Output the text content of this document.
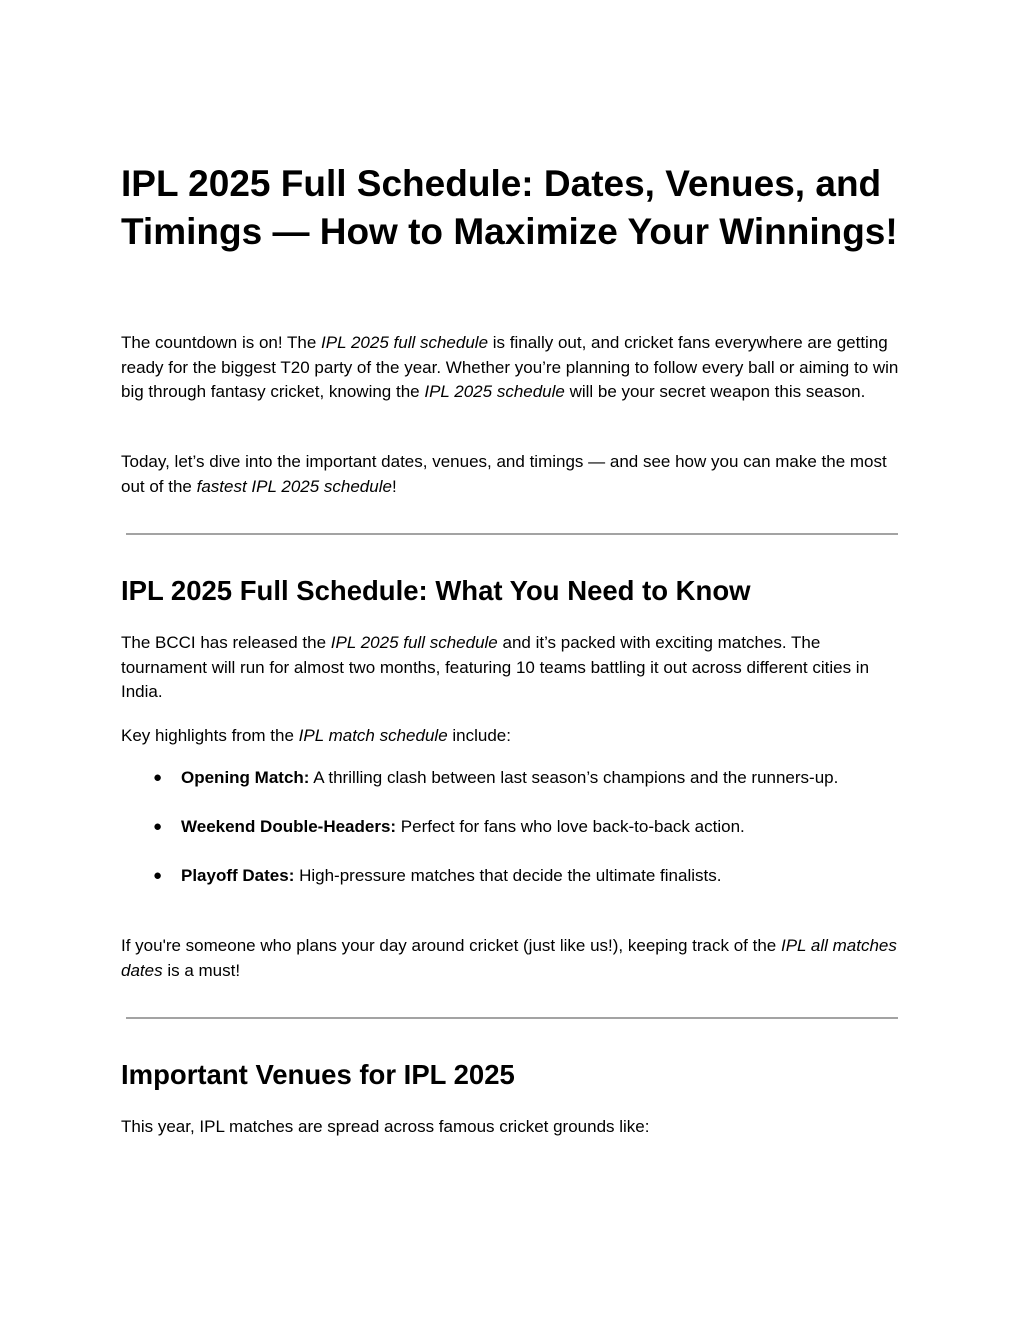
IPL 2025 Full Schedule: Dates, Venues, and Timings — How to Maximize Your Winnings!

The countdown is on! The IPL 2025 full schedule is finally out, and cricket fans everywhere are getting ready for the biggest T20 party of the year. Whether you’re planning to follow every ball or aiming to win big through fantasy cricket, knowing the IPL 2025 schedule will be your secret weapon this season.

Today, let’s dive into the important dates, venues, and timings — and see how you can make the most out of the fastest IPL 2025 schedule!

IPL 2025 Full Schedule: What You Need to Know

The BCCI has released the IPL 2025 full schedule and it’s packed with exciting matches. The tournament will run for almost two months, featuring 10 teams battling it out across different cities in India.

Key highlights from the IPL match schedule include:

● Opening Match: A thrilling clash between last season’s champions and the runners-up.
● Weekend Double-Headers: Perfect for fans who love back-to-back action.
● Playoff Dates: High-pressure matches that decide the ultimate finalists.

If you're someone who plans your day around cricket (just like us!), keeping track of the IPL all matches dates is a must!

Important Venues for IPL 2025

This year, IPL matches are spread across famous cricket grounds like:
